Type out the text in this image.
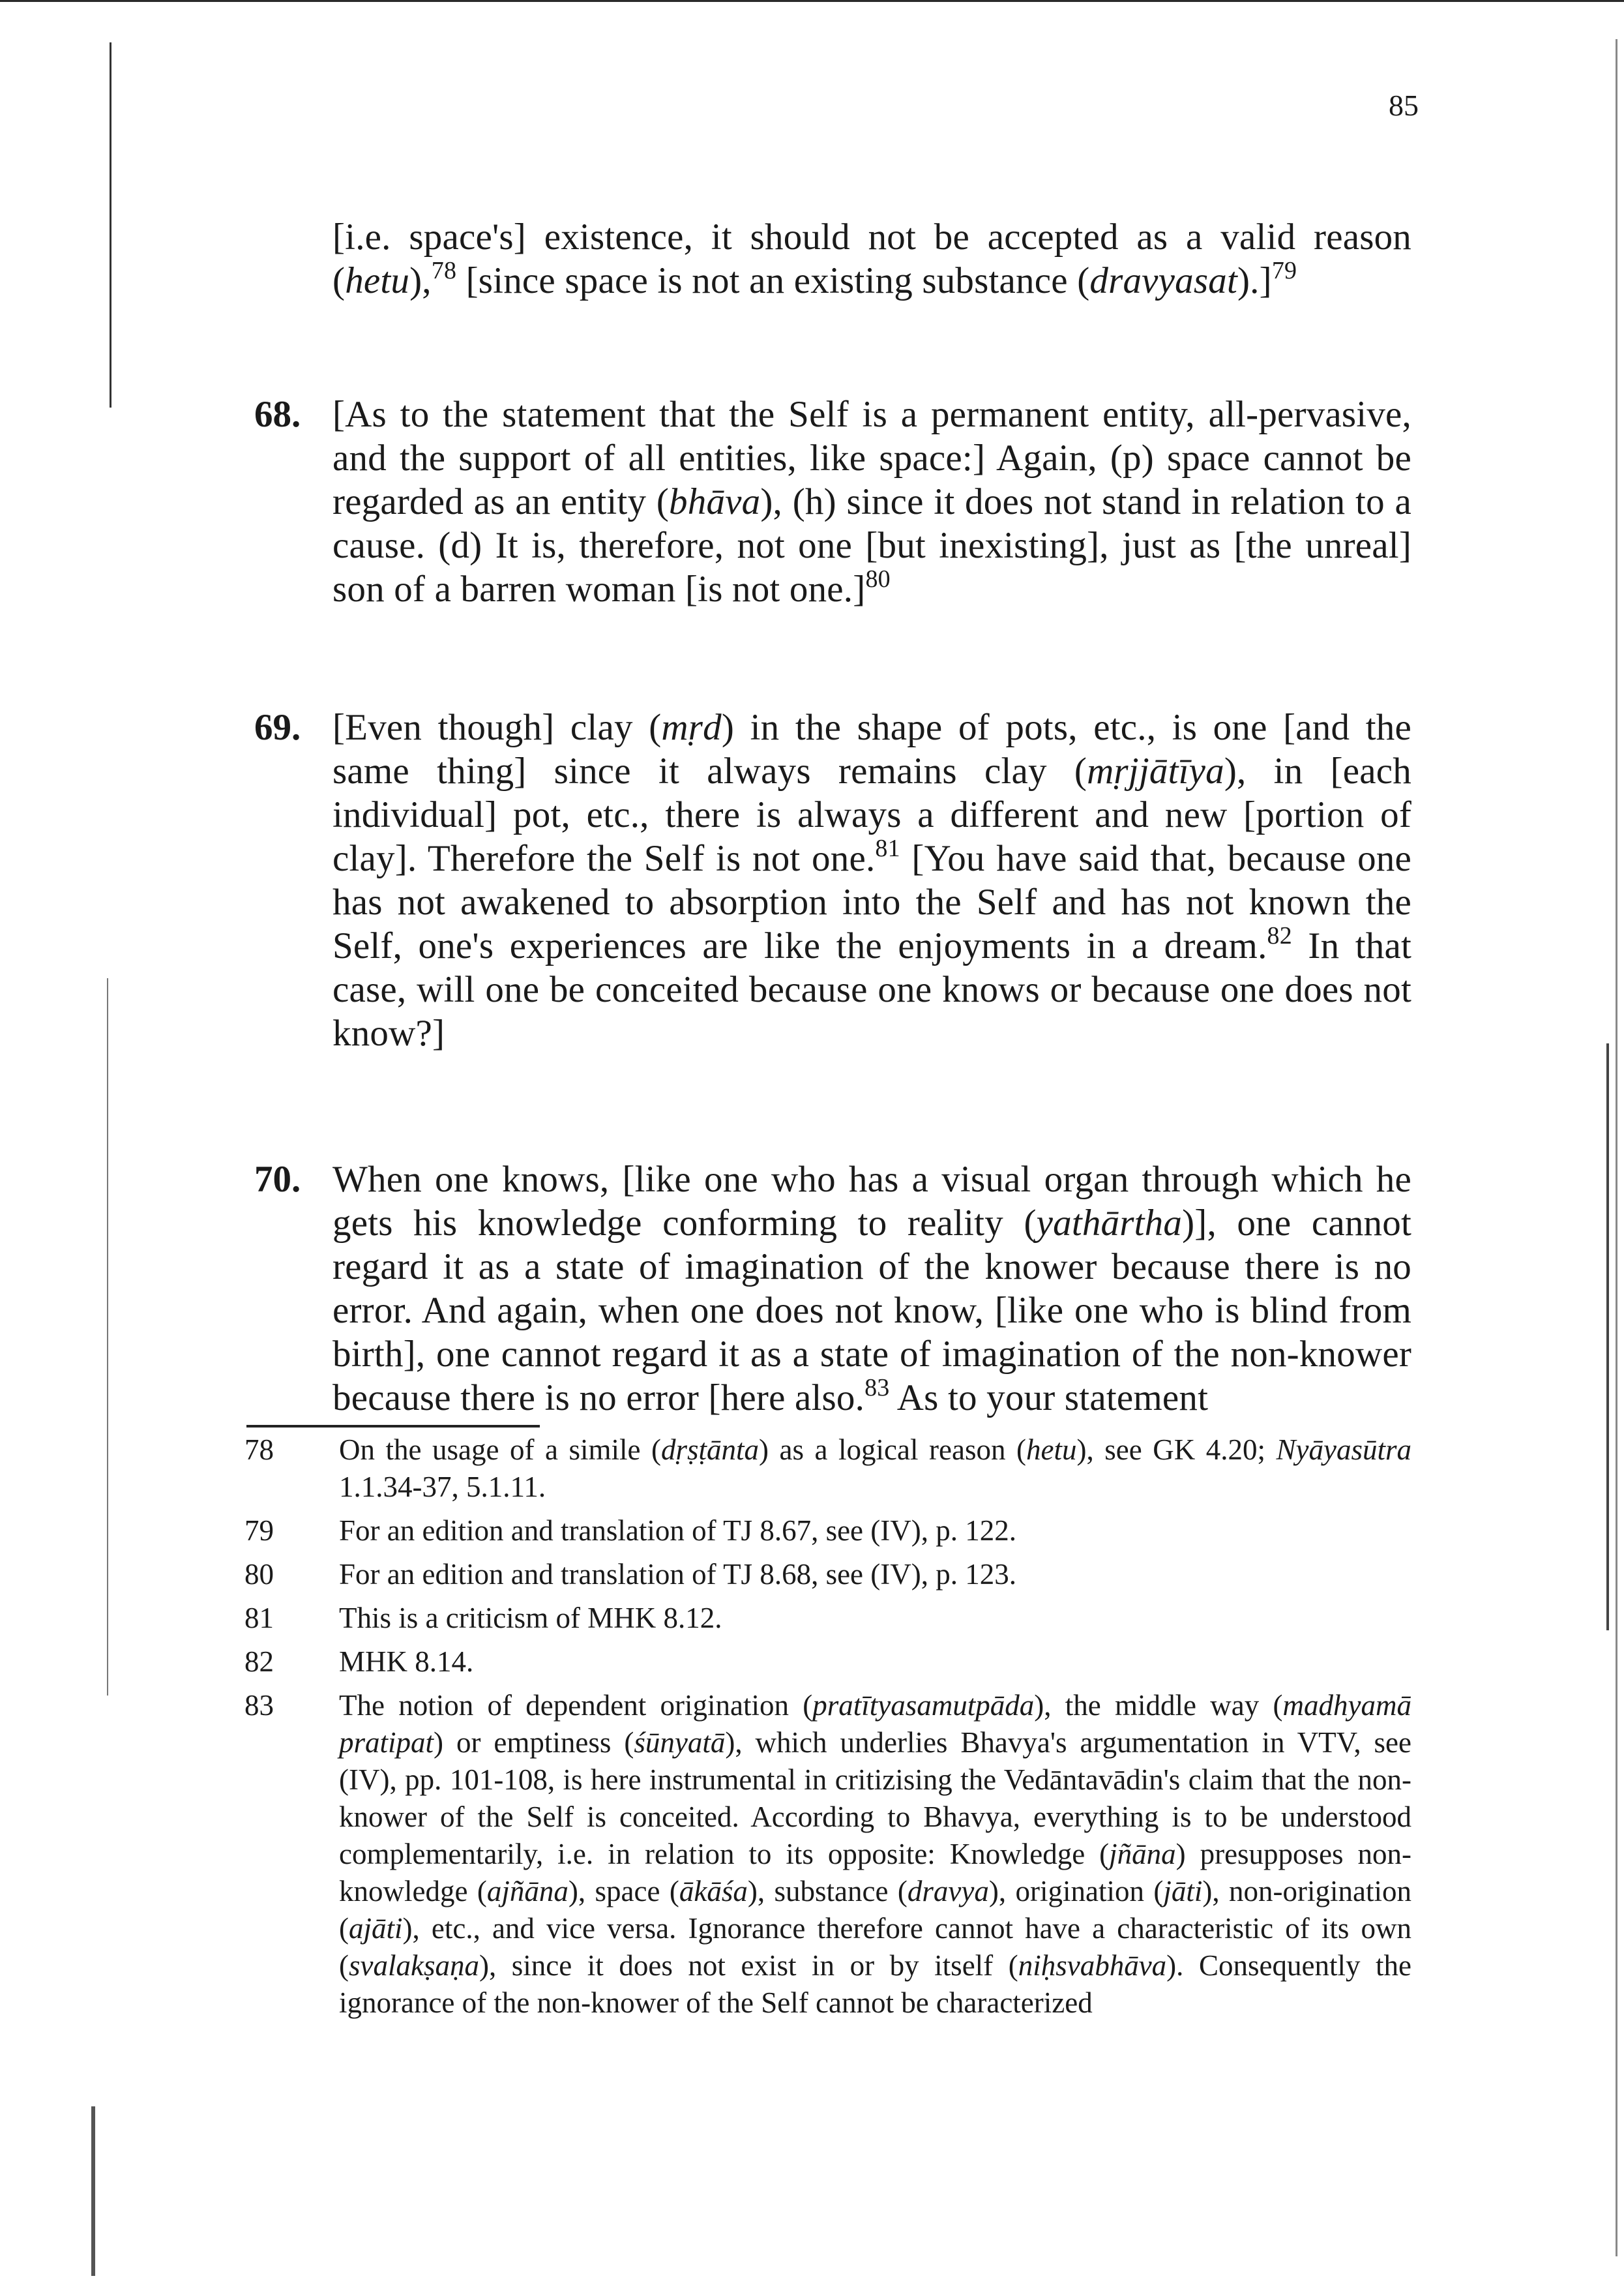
85

[i.e. space's] existence, it should not be accepted as a valid reason

(hetu),$^{78}$ [since space is not an existing substance (dravyasat).]$^{79}$

68. [As to the statement that the Self is a permanent entity, all-pervasive, and the support of all entities, like space:] Again, (p) space cannot be regarded as an entity (bhāva), (h) since it does not stand in relation to a cause. (d) It is, therefore, not one [but inexisting], just as [the unreal] son of a barren woman [is not one.]$^{80}$

69. [Even though] clay (mṛd) in the shape of pots, etc., is one [and the same thing] since it always remains clay (mṛjjātīya), in [each individual] pot, etc., there is always a different and new [portion of clay]. Therefore the Self is not one.$^{81}$ [You have said that, because one has not awakened to absorption into the Self and has not known the Self, one's experiences are like the enjoyments in a dream.$^{82}$ In that case, will one be conceited because one knows or because one does not know?]

70. When one knows, [like one who has a visual organ through which he gets his knowledge conforming to reality (yathārtha)], one cannot regard it as a state of imagination of the knower because there is no error. And again, when one does not know, [like one who is blind from birth], one cannot regard it as a state of imagination of the non-knower because there is no error [here also.$^{83}$ As to your statement

78	On the usage of a simile (dṛṣṭānta) as a logical reason (hetu), see GK 4.20; Nyāyasūtra 1.1.34-37, 5.1.11.
79	For an edition and translation of TJ 8.67, see (IV), p. 122.
80	For an edition and translation of TJ 8.68, see (IV), p. 123.
81	This is a criticism of MHK 8.12.
82	MHK 8.14.
83	The notion of dependent origination (pratītyasamutpāda), the middle way (madhyamā pratipat) or emptiness (śūnyatā), which underlies Bhavya's argumentation in VTV, see (IV), pp. 101-108, is here instrumental in critizising the Vedāntavādin's claim that the non-knower of the Self is conceited. According to Bhavya, everything is to be understood complementarily, i.e. in relation to its opposite: Knowledge (jñāna) presupposes non-knowledge (ajñāna), space (ākāśa), substance (dravya), origination (jāti), non-origination (ajāti), etc., and vice versa. Ignorance therefore cannot have a characteristic of its own (svalakṣaṇa), since it does not exist in or by itself (niḥsvabhāva). Consequently the ignorance of the non-knower of the Self cannot be characterized
